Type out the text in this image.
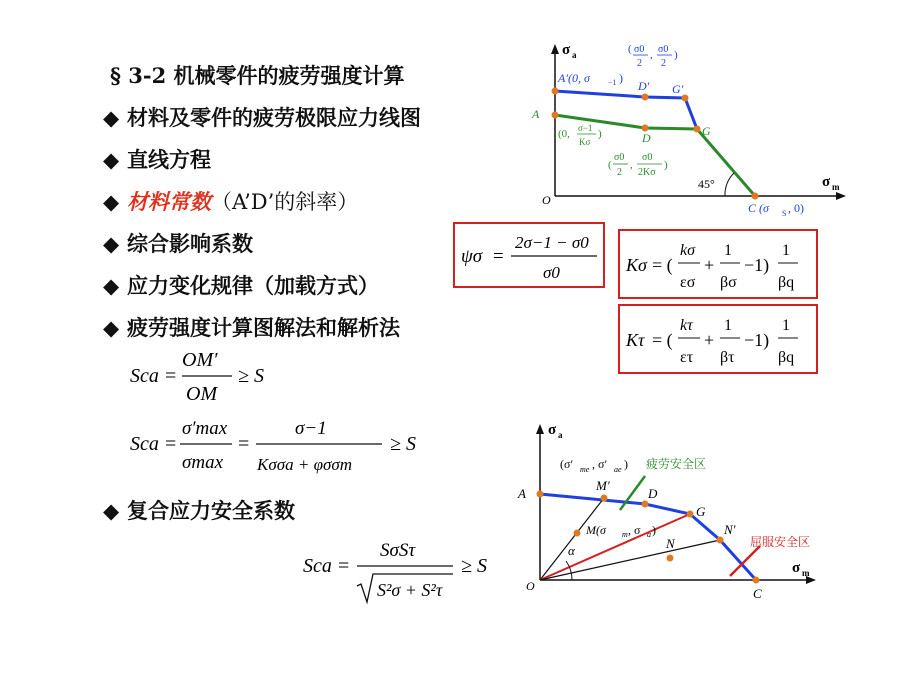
§ 3-2 机械零件的疲劳强度计算
◆ 材料及零件的疲劳极限应力线图
◆ 直线方程
◆ 材料常数（A’D’的斜率）
◆ 综合影响系数
◆ 应力变化规律（加载方式）
◆ 疲劳强度计算图解法和解析法
◆ 复合应力安全系数
Sca =
OM′
OM
≥ S
Sca =
σ′max
σmax
=
σ−1
Kσσa + φσσm
≥ S
Sca =
SσSτ
S²σ + S²τ
≥ S
ψσ =
2σ−1 − σ0
σ0	Kσ = (
kσ
εσ
+
1
βσ
−1)
1
βq
Kτ = (
kτ
ετ
+
1
βτ
−1)
1
βq
σ a
σ m
O
45°
A′(0, σ −1 )
D′ G′
( σ0
2
, σ0
2
)
A
D	G
(0, σ−1
Kσ
)
(
σ0
2
,
σ0
2Kσ
)
C (σ S , 0)
σ a
σ m
O
α
疲劳安全区
屈服安全区
A
M′
D
G
N′
N
C
M(σ m , σ a )
(σ′ me , σ′ ae )
